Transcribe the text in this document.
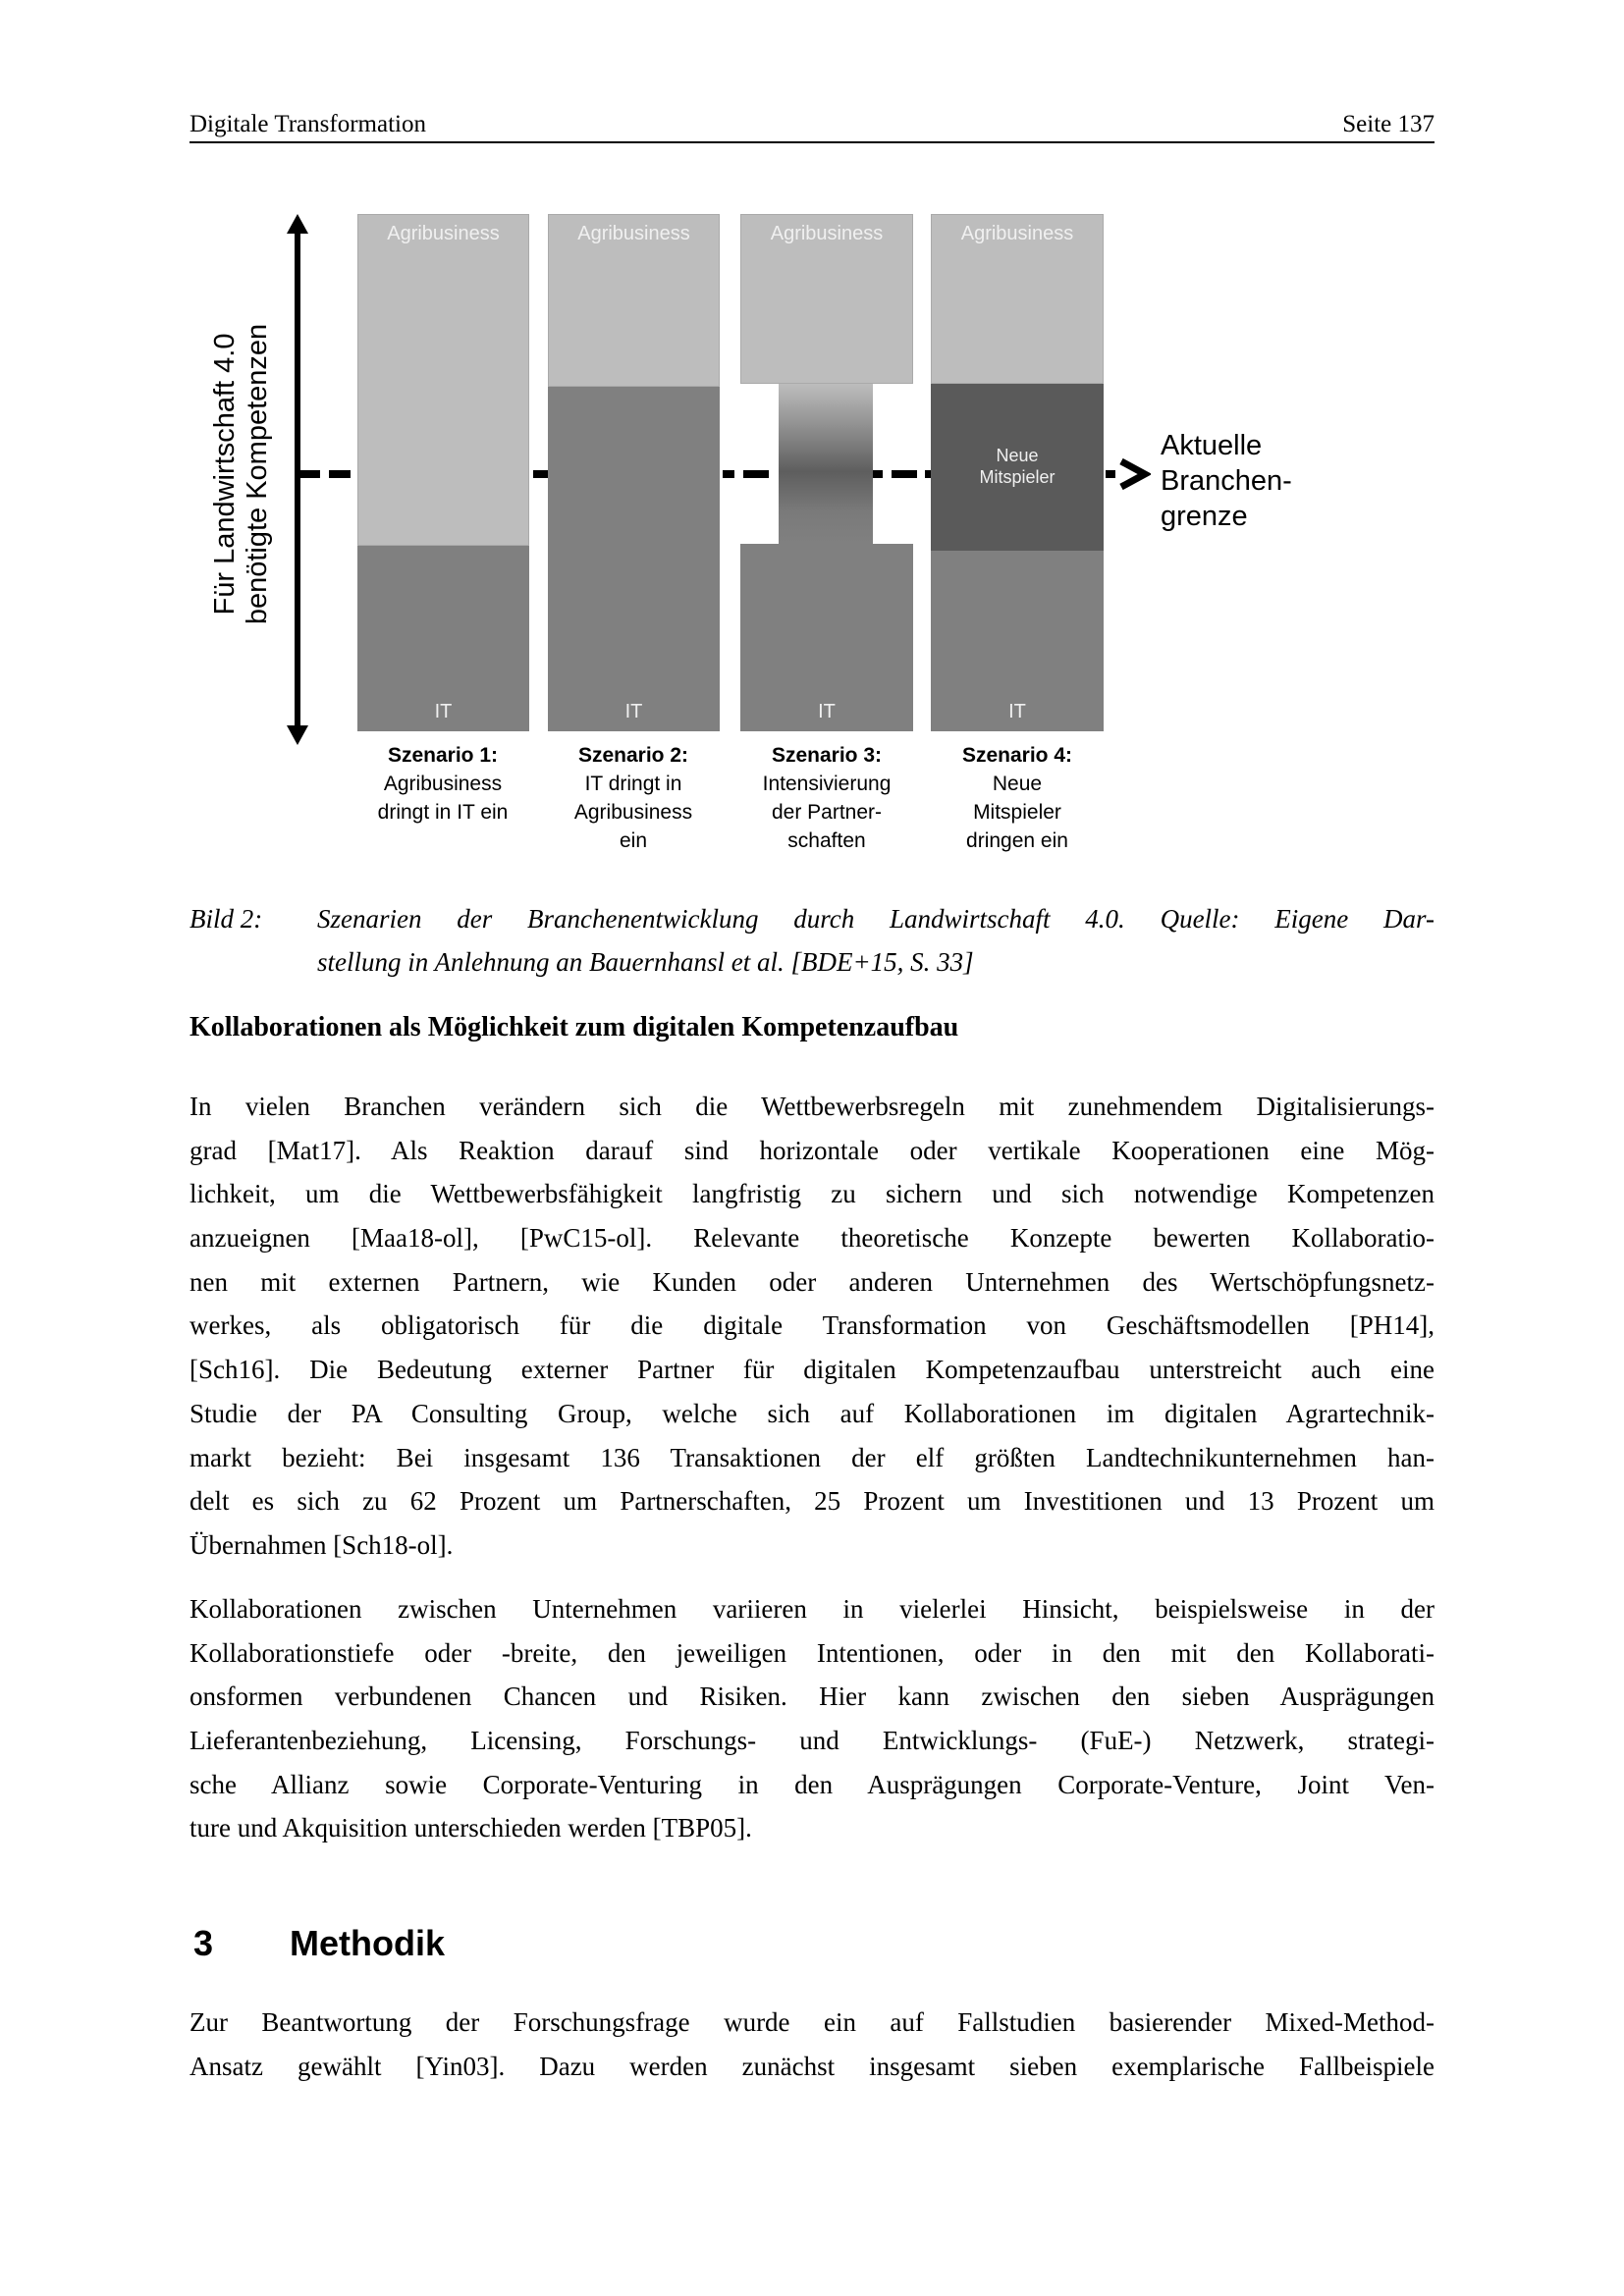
Digitale Transformation	Seite 137
Für Landwirtschaft 4.0 benötigte Kompetenzen	Aktuelle
Branchen-
grenze
Agribusiness
IT
Agribusiness
IT
Agribusiness
IT
Agribusiness
Neue
Mitspieler
IT
Szenario 1:
Agribusiness
dringt in IT ein
Szenario 2:
IT dringt in
Agribusiness
ein
Szenario 3:
Intensivierung
der Partner-
schaften
Szenario 4:
Neue
Mitspieler
dringen ein
Bild 2: Szenarien der Branchenentwicklung durch Landwirtschaft 4.0. Quelle: Eigene Dar-
stellung in Anlehnung an Bauernhansl et al. [BDE+15, S. 33]
Kollaborationen als Möglichkeit zum digitalen Kompetenzaufbau
In vielen Branchen verändern sich die Wettbewerbsregeln mit zunehmendem Digitalisierungs-
grad [Mat17]. Als Reaktion darauf sind horizontale oder vertikale Kooperationen eine Mög-
lichkeit, um die Wettbewerbsfähigkeit langfristig zu sichern und sich notwendige Kompetenzen
anzueignen [Maa18-ol], [PwC15-ol]. Relevante theoretische Konzepte bewerten Kollaboratio-
nen mit externen Partnern, wie Kunden oder anderen Unternehmen des Wertschöpfungsnetz-
werkes, als obligatorisch für die digitale Transformation von Geschäftsmodellen [PH14],
[Sch16]. Die Bedeutung externer Partner für digitalen Kompetenzaufbau unterstreicht auch eine
Studie der PA Consulting Group, welche sich auf Kollaborationen im digitalen Agrartechnik-
markt bezieht: Bei insgesamt 136 Transaktionen der elf größten Landtechnikunternehmen han-
delt es sich zu 62 Prozent um Partnerschaften, 25 Prozent um Investitionen und 13 Prozent um
Übernahmen [Sch18-ol].
Kollaborationen zwischen Unternehmen variieren in vielerlei Hinsicht, beispielsweise in der
Kollaborationstiefe oder -breite, den jeweiligen Intentionen, oder in den mit den Kollaborati-
onsformen verbundenen Chancen und Risiken. Hier kann zwischen den sieben Ausprägungen
Lieferantenbeziehung, Licensing, Forschungs- und Entwicklungs- (FuE-) Netzwerk, strategi-
sche Allianz sowie Corporate-Venturing in den Ausprägungen Corporate-Venture, Joint Ven-
ture und Akquisition unterschieden werden [TBP05].
3 Methodik
Zur Beantwortung der Forschungsfrage wurde ein auf Fallstudien basierender Mixed-Method-
Ansatz gewählt [Yin03]. Dazu werden zunächst insgesamt sieben exemplarische Fallbeispiele
